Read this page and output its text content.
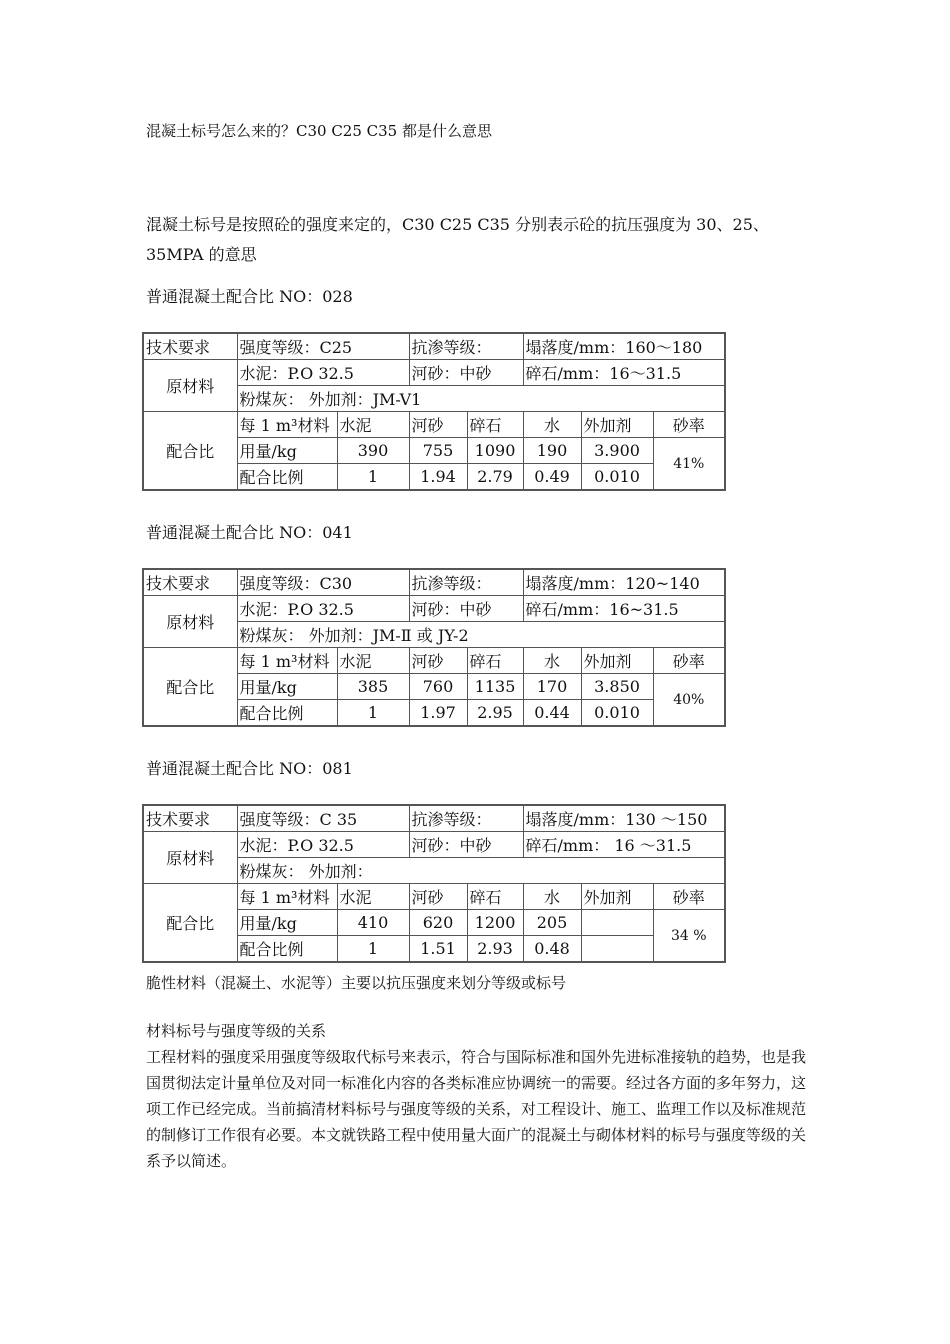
混凝土标号怎么来的？C30 C25 C35 都是什么意思
混凝土标号是按照砼的强度来定的，C30 C25 C35 分别表示砼的抗压强度为 30、25、35MPA 的意思
普通混凝土配合比 NO：028
技术要求	强度等级：C25		抗渗等级：		塌落度/mm：160～180		
原材料	水泥：P.O 32.5		河砂：中砂		碎石/mm：16～31.5		
	粉煤灰： 外加剂：JM-V1						
配合比	每 1 m³材料	水泥	河砂	碎石	水	外加剂	砂率
	用量/kg	390	755	1090	190	3.900	41%
	配合比例	1	1.94	2.79	0.49	0.010	
普通混凝土配合比 NO：041
技术要求	强度等级：C30		抗渗等级：		塌落度/mm：120~140		
原材料	水泥：P.O 32.5		河砂：中砂		碎石/mm：16~31.5		
	粉煤灰： 外加剂：JM-Ⅱ 或 JY-2						
配合比	每 1 m³材料	水泥	河砂	碎石	水	外加剂	砂率
	用量/kg	385	760	1135	170	3.850	40%
	配合比例	1	1.97	2.95	0.44	0.010	
普通混凝土配合比 NO：081
技术要求	强度等级：C 35		抗渗等级：		塌落度/mm：130 ～150		
原材料	水泥：P.O 32.5		河砂：中砂		碎石/mm： 16 ～31.5		
	粉煤灰： 外加剂：						
配合比	每 1 m³材料	水泥	河砂	碎石	水	外加剂	砂率
	用量/kg	410	620	1200	205		34 %
	配合比例	1	1.51	2.93	0.48		
脆性材料（混凝土、水泥等）主要以抗压强度来划分等级或标号
材料标号与强度等级的关系
工程材料的强度采用强度等级取代标号来表示，符合与国际标准和国外先进标准接轨的趋势，也是我国贯彻法定计量单位及对同一标准化内容的各类标准应协调统一的需要。经过各方面的多年努力，这项工作已经完成。当前搞清材料标号与强度等级的关系，对工程设计、施工、监理工作以及标准规范的制修订工作很有必要。本文就铁路工程中使用量大面广的混凝土与砌体材料的标号与强度等级的关系予以简述。
